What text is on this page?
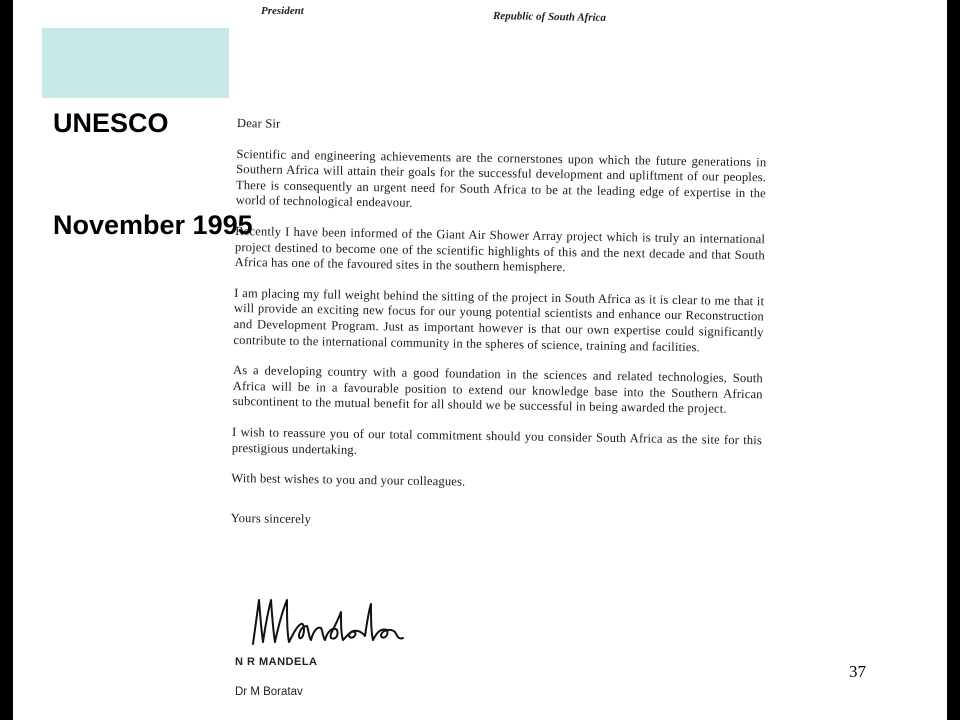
President	Republic of South Africa

UNESCO

November 1995

Dear Sir

Scientific and engineering achievements are the cornerstones upon which the future generations in Southern Africa will attain their goals for the successful development and upliftment of our peoples. There is consequently an urgent need for South Africa to be at the leading edge of expertise in the world of technological endeavour.

Recently I have been informed of the Giant Air Shower Array project which is truly an international project destined to become one of the scientific highlights of this and the next decade and that South Africa has one of the favoured sites in the southern hemisphere.

I am placing my full weight behind the sitting of the project in South Africa as it is clear to me that it will provide an exciting new focus for our young potential scientists and enhance our Reconstruction and Development Program. Just as important however is that our own expertise could significantly contribute to the international community in the spheres of science, training and facilities.

As a developing country with a good foundation in the sciences and related technologies, South Africa will be in a favourable position to extend our knowledge base into the Southern African subcontinent to the mutual benefit for all should we be successful in being awarded the project.

I wish to reassure you of our total commitment should you consider South Africa as the site for this prestigious undertaking.

With best wishes to you and your colleagues.

Yours sincerely

N R MANDELA
Dr M Boratav
37
